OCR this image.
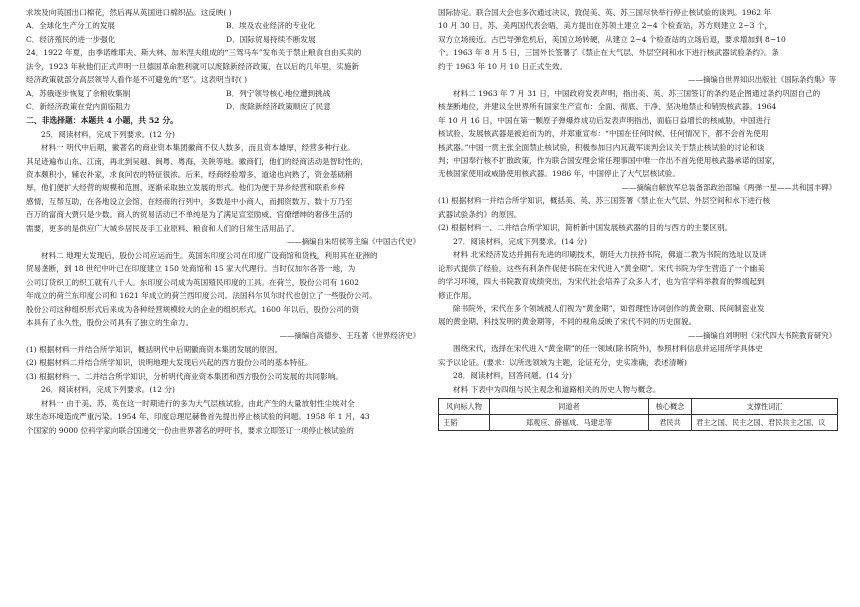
求埃及向英国出口棉花，然后再从英国进口棉织品。这反映( )
A．全球化生产分工的发展	B．埃及农业经济的专业化
C．经济殖民的进一步强化	D．国际贸易持续不断发展
24．1922 年夏，由季诺维耶夫、斯大林、加米涅夫组成的“三驾马车”发布关于禁止粮食自由买卖的
法令，1923 年秋他们正式声明一旦德国革命胜利就可以废除新经济政策，在以后的几年里，实施新
经济政策就部分高层领导人看作是不可避免的“恶”。这表明当时( )
A．苏俄逐步恢复了余粮收集制	B．列宁领导核心地位遭到挑战
C．新经济政策在党内面临阻力	D．废除新经济政策顺应了民意
二、非选择题：本题共 4 小题，共 52 分。
25．阅读材料，完成下列要求。(12 分)
材料一 明代中后期，徽著名的商业资本集团徽商不仅人数多，而且资本雄厚，经营多种行业。
其足迹遍布山东、江南，再北到吴越、闽粤、粤海、关陕等地。徽商们，他们的经商活动是智时性的，
资本颇积小，辅农补家，求食问农的特征很浓。后来，经商经验增多，道途也向熟了，资金基础稍
厚，他们便扩大经营的规模和范围，逐渐采取独立发展的形式。他们为便于异乡经营和联系乡梓
感情，互帮互助，在各地设立会馆，在经商的行列中，多数是中小商人，而拥资数万、数十万乃至
百万的富商大贾只是少数。商人的贸易活动已不单纯是为了满足宣室励威、官僚缙绅的奢侈生活的
需要，更多的是供应广大城乡居民及手工业原料、粮食和人们的日常生活用品了。
——摘编自朱绍侯等主编《中国古代史》
材料二 地理大发现后，股份公司应运而生。英国东印度公司在印度广设商馆和货栈，利用其在亚洲的
贸易垄断，到 18 世纪中叶已在印度建立 150 处商馆和 15 家大代理行。当时仅加尔各答一地，为
公司订货织工的织工就有八千人。东印度公司成为英国殖民印度的工具。在荷兰，股份公司有 1602
年成立的荷兰东印度公司和 1621 年成立的荷兰西印度公司。法国科尔贝尔时代也创立了一些股份公司。
股份公司这种组织形式后来成为各种经营规模较大的企业的组织形式。1600 年以后，股份公司的资
本具有了永久性，股份公司具有了独立的生命力。
——摘编自高德步、王珏著《世界经济史》
(1) 根据材料一并结合所学知识，概括明代中后期徽商资本集团发展的原因。
(2) 根据材料二并结合所学知识，说明地理大发现后兴起的西方股份公司的基本特征。
(3) 根据材料一、二并结合所学知识，分析明代商业资本集团和西方股份公司发展的共同影响。
26．阅读材料，完成下列要求。(12 分)
材料一 由于美、苏、英在这一时期进行的多为大气层核试验，由此产生的大量放射性尘埃对全
球生态环境造成严重污染。1954 年，印度总理尼赫鲁首先提出停止核试验的问题。1958 年 1 月，43
个国家的 9000 位科学家向联合国递交一份由世界著名的呼吁书，要求立即签订一项停止核试验的
国际协定。联合国大会也多次通过决议，敦促美、英、苏三国尽快举行停止核试验的谈判。1962 年
10 月 30 日，苏、美两国代表会晤，美方提出在苏领土建立 2~4 个检查站，苏方则建立 2~3 个，
双方立场接近。古巴导弹危机后，美国立场转硬，从建立 2~4 个检查站的立场后退，要求增加到 8~10
个。1963 年 8 月 5 日，三国外长签署了《禁止在大气层、外层空间和水下进行核武器试验条约》。条
约于 1963 年 10 月 10 日正式生效。
——摘编自世界知识出版社《国际条约集》等
材料二 1963 年 7 月 31 日，中国政府发表声明，指出美、英、苏三国签订的条约是企图通过条约巩固自己的
核垄断地位，并建议全世界所有国家生产宣布：全面、彻底、干净、坚决地禁止和销毁核武器。1964
年 10 月 16 日，中国在第一颗原子弹爆炸成功后发表声明指出，面临日益增长的核威胁，中国进行
核试验、发展核武器是被迫而为的，并郑重宣布：“中国在任何时候、任何情况下，都不会首先使用
核武器。”中国一贯主张全面禁止核试验，积极参加日内瓦裁军谈判会议关于禁止核试验的讨论和谈
判；中国奉行核不扩散政策，作为联合国安理会常任理事国中唯一作出不首先使用核武器承诺的国家，
无核国家使用或威胁使用核武器。1986 年，中国停止了大气层核试验。
——摘编自解放军总装备部政治部编《两弹一星——共和国丰碑》
(1) 根据材料一并结合所学知识，概括美、英、苏三国签署《禁止在大气层、外层空间和水下进行核
武器试验条约》的原因。
(2) 根据材料一、二并结合所学知识，简析新中国发展核武器的目的与西方的主要区别。
27．阅读材料，完成下列要求。(14 分)
材料 北宋经济发达并拥有先进的印刷技术，朝廷大力扶持书院，佛道二教为书院的选址以及讲
论形式提供了经验，这些有利条件促使书院在宋代进入“黄金期”。宋代书院为学生营造了一个幽美
的学习环境，四大书院教育成绩突出，为宋代社会培养了众多人才，也为官学科举教育的弊端起到
修正作用。
除书院外，宋代在多个领域被人们视为“黄金期”，如哲理性诗词创作的黄金期、民间制瓷业发
展的黄金期、科技发明的黄金期等，不同的视角反映了宋代不同的历史面貌。
——摘编自刘明明《宋代四大书院教育研究》
围绕宋代，选择在宋代进入“黄金期”的任一领域(除书院外)，参照材料信息并运用所学具体史
实予以论证。(要求：以所选领域为主题，论证充分，史实准确，表述清晰)
28．阅读材料，回答问题。(14 分)
材料 下表中为四组与民主观念和道路相关的历史人物与概念。
风向标人物	同道者	核心概念	支撑性词汇
王韬	郑观应、薛福成、马建忠等	君民共	君主之国、民主之国、君民共主之国、议
